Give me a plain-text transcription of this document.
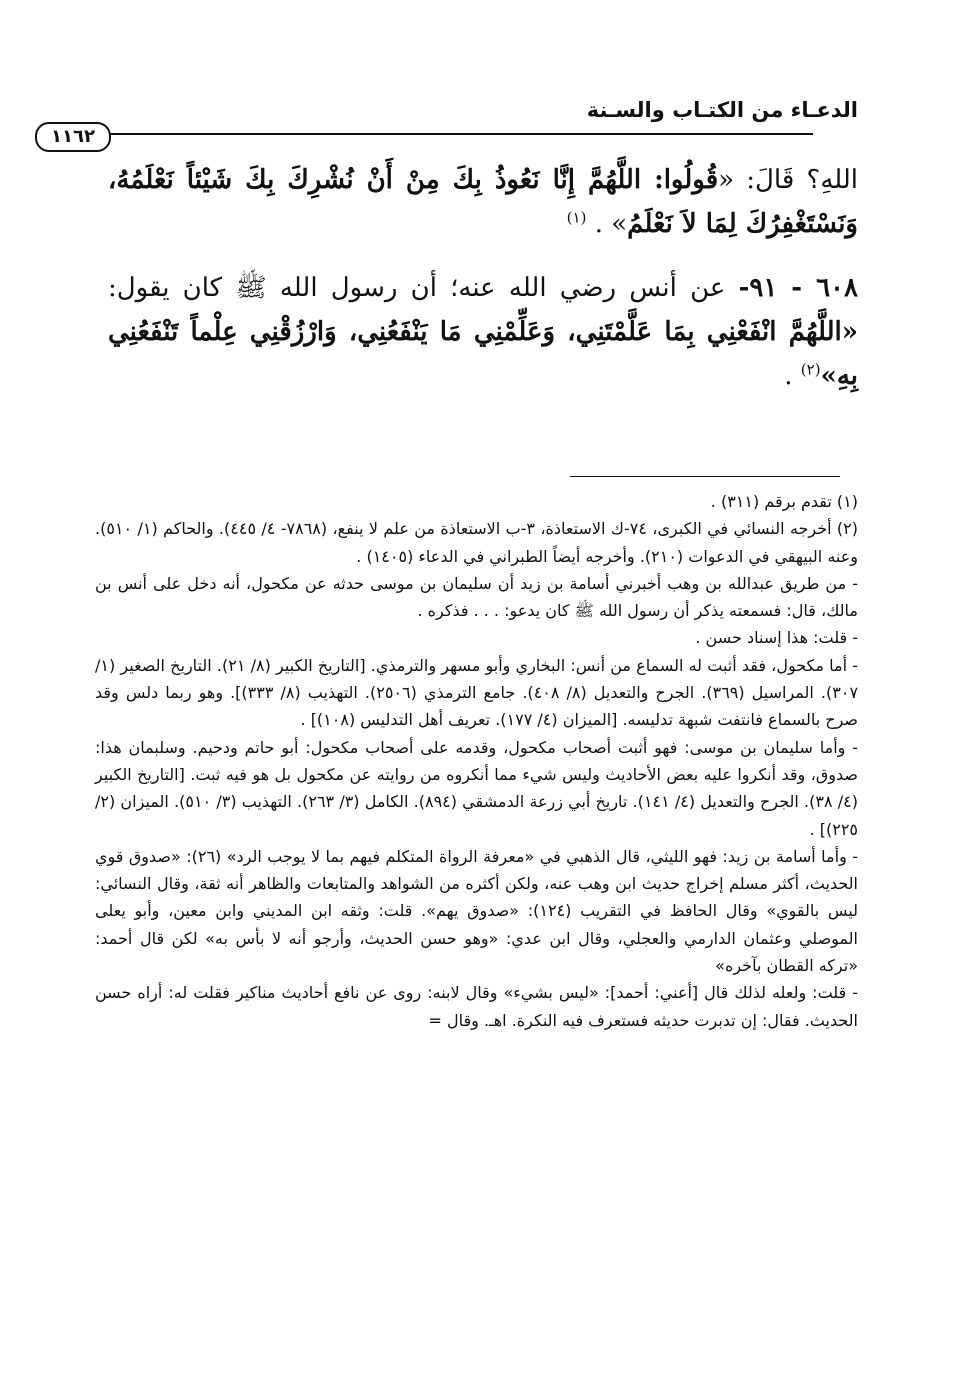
الدعـاء من الكتـاب والسـنة
١١٦٢

اللهِ؟ قَالَ: «قُولُوا: اللَّهُمَّ إِنَّا نَعُوذُ بِكَ مِنْ أَنْ نُشْرِكَ بِكَ شَيْئاً نَعْلَمُهُ، وَنَسْتَغْفِرُكَ لِمَا لاَ نَعْلَمُ» . $^{(١)}$

٦٠٨ - ٩١- عن أنس رضي الله عنه؛ أن رسول الله ﷺ كان يقول: «اللَّهُمَّ انْفَعْنِي بِمَا عَلَّمْتَنِي، وَعَلِّمْنِي مَا يَنْفَعُنِي، وَارْزُقْنِي عِلْماً تَنْفَعُنِي بِهِ»$^{(٢)}$ .

(١) تقدم برقم (٣١١) .

(٢) أخرجه النسائي في الكبرى، ٧٤-ك الاستعاذة، ٣-ب الاستعاذة من علم لا ينفع، (٧٨٦٨- ٤/ ٤٤٥). والحاكم (١/ ٥١٠). وعنه البيهقي في الدعوات (٢١٠). وأخرجه أيضاً الطبراني في الدعاء (١٤٠٥) .

- من طريق عبدالله بن وهب أخبرني أسامة بن زيد أن سليمان بن موسى حدثه عن مكحول، أنه دخل على أنس بن مالك، قال: فسمعته يذكر أن رسول الله ﷺ كان يدعو: . . . فذكره .

- قلت: هذا إسناد حسن .

- أما مكحول، فقد أثبت له السماع من أنس: البخاري وأبو مسهر والترمذي. [التاريخ الكبير (٨/ ٢١). التاريخ الصغير (١/ ٣٠٧). المراسيل (٣٦٩). الجرح والتعديل (٨/ ٤٠٨). جامع الترمذي (٢٥٠٦). التهذيب (٨/ ٣٣٣)]. وهو ربما دلس وقد صرح بالسماع فانتفت شبهة تدليسه. [الميزان (٤/ ١٧٧). تعريف أهل التدليس (١٠٨)] .

- وأما سليمان بن موسى: فهو أثبت أصحاب مكحول، وقدمه على أصحاب مكحول: أبو حاتم ودحيم. وسلبمان هذا: صدوق، وقد أنكروا عليه بعض الأحاديث وليس شيء مما أنكروه من روايته عن مكحول بل هو فيه ثبت. [التاريخ الكبير (٤/ ٣٨). الجرح والتعديل (٤/ ١٤١). تاريخ أبي زرعة الدمشقي (٨٩٤). الكامل (٣/ ٢٦٣). التهذيب (٣/ ٥١٠). الميزان (٢/ ٢٢٥)] .

- وأما أسامة بن زيد: فهو الليثي، قال الذهبي في «معرفة الرواة المتكلم فيهم بما لا يوجب الرد» (٢٦): «صدوق قوي الحديث، أكثر مسلم إخراج حديث ابن وهب عنه، ولكن أكثره من الشواهد والمتابعات والظاهر أنه ثقة، وقال النسائي: ليس بالقوي» وقال الحافظ في التقريب (١٢٤): «صدوق يهم». قلت: وثقه ابن المديني وابن معين، وأبو يعلى الموصلي وعثمان الدارمي والعجلي، وقال ابن عدي: «وهو حسن الحديث، وأرجو أنه لا بأس به» لكن قال أحمد: «تركه القطان بآخره»

- قلت: ولعله لذلك قال [أعني: أحمد]: «ليس بشيء» وقال لابنه: روى عن نافع أحاديث مناكير فقلت له: أراه حسن الحديث. فقال: إن تدبرت حديثه فستعرف فيه النكرة. اهـ. وقال =
